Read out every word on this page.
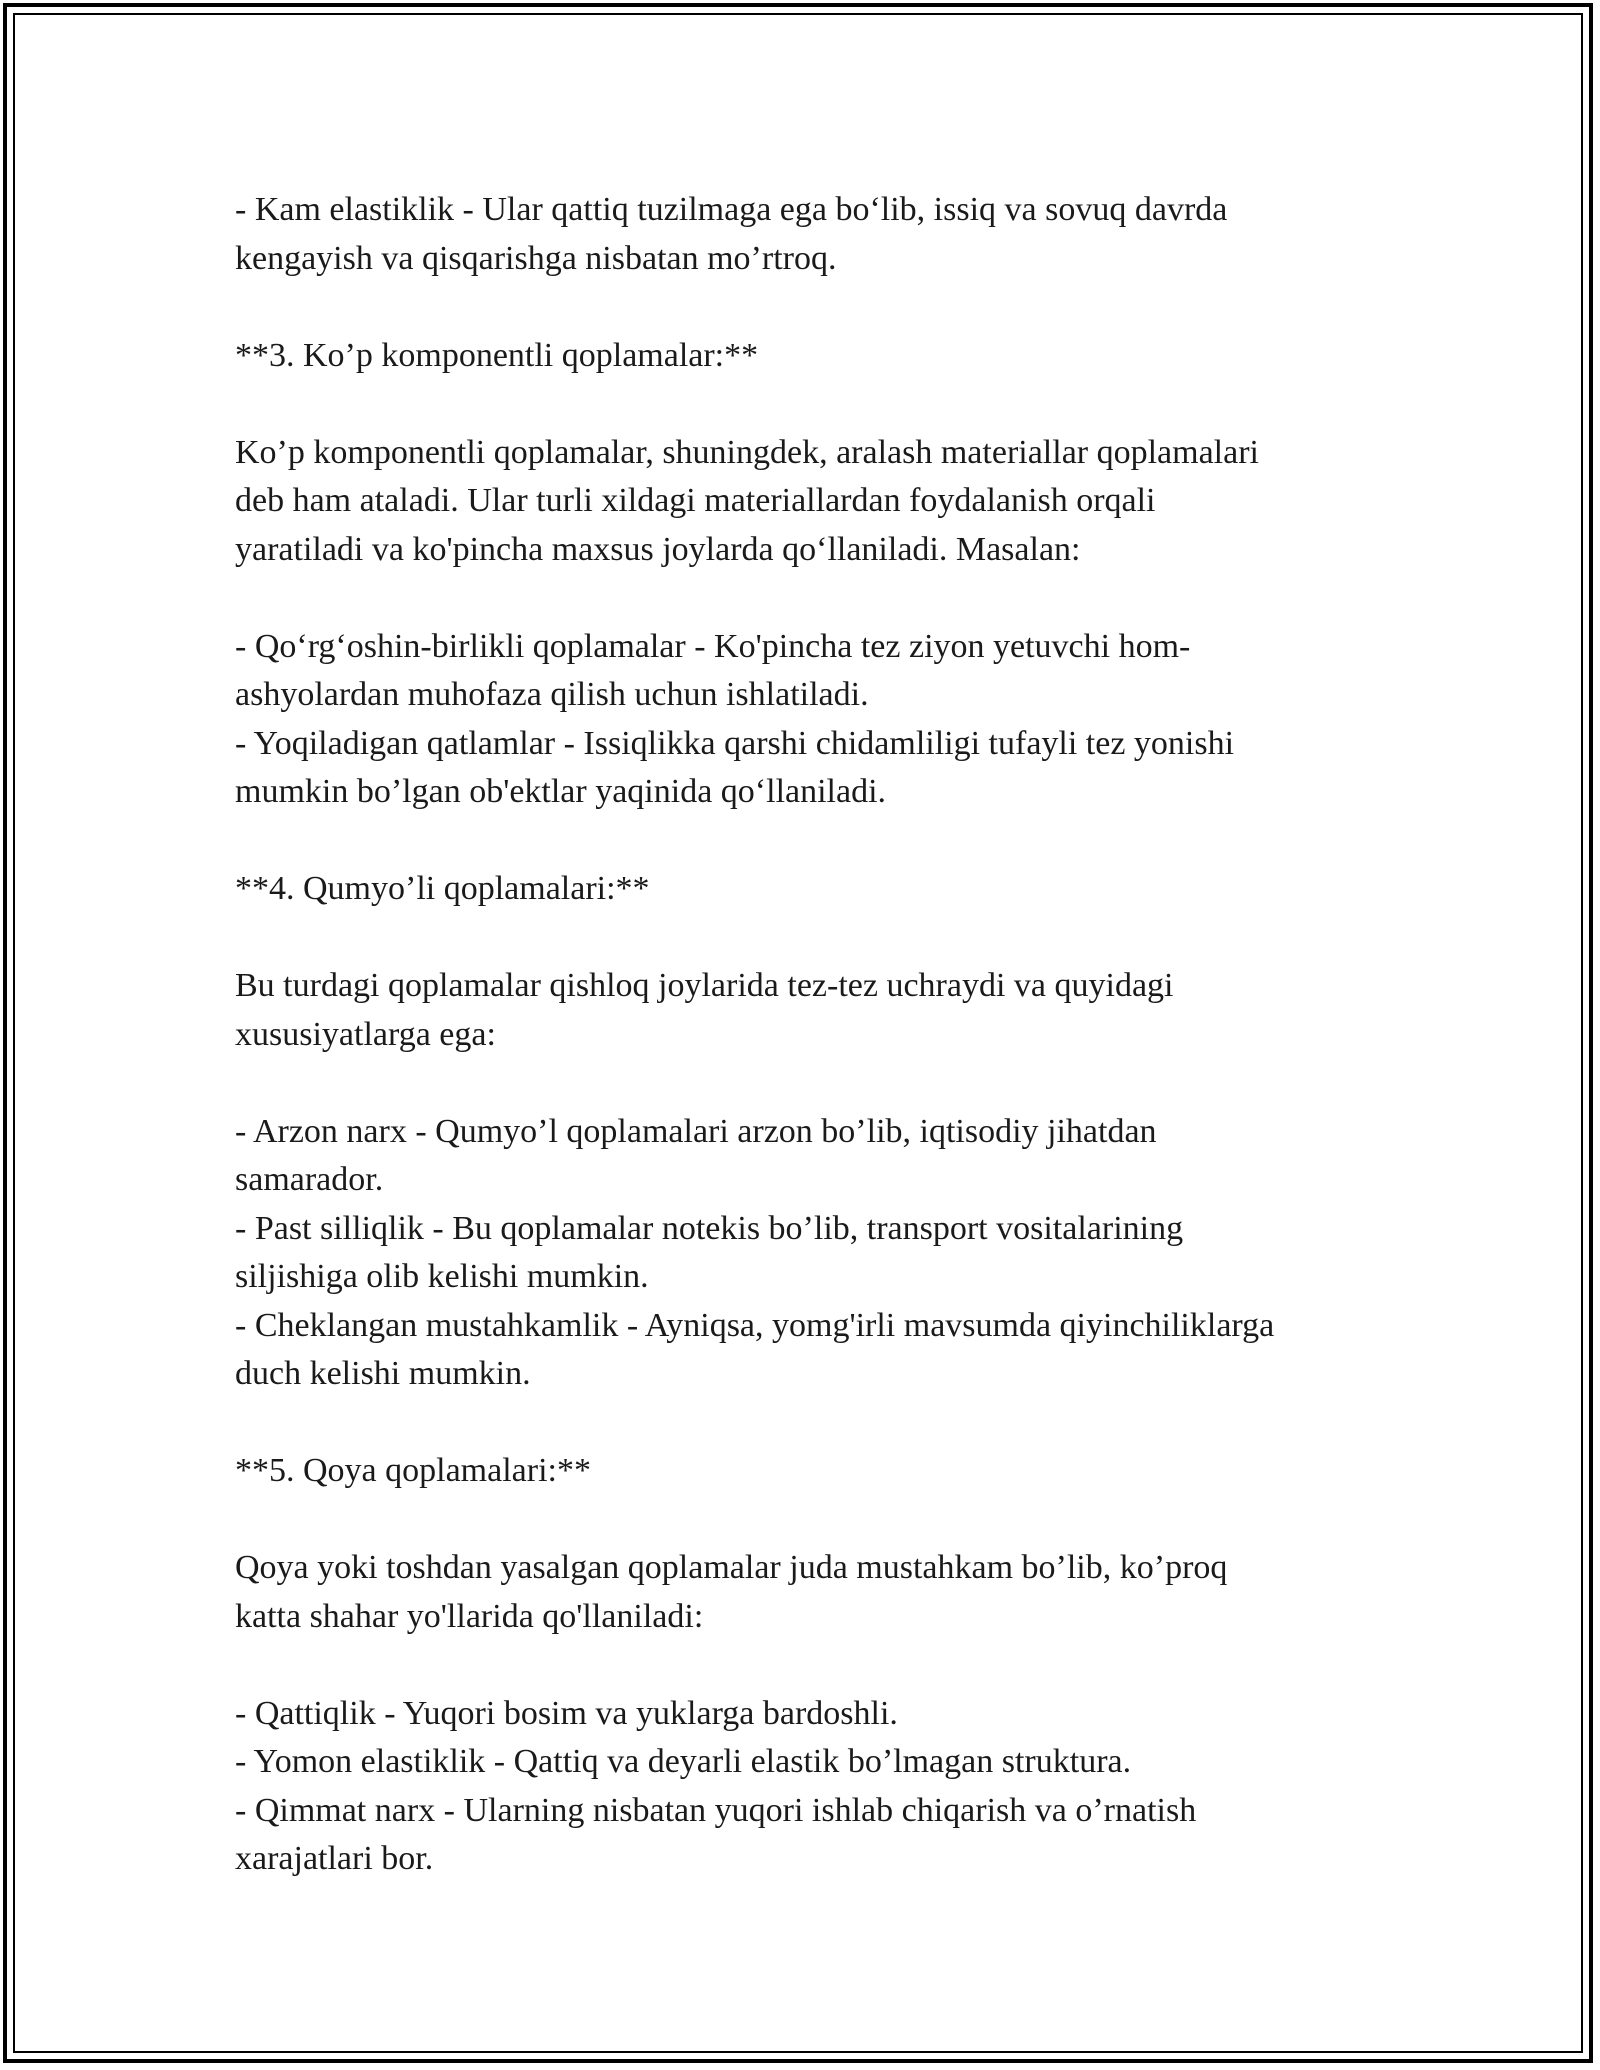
- Kam elastiklik - Ular qattiq tuzilmaga ega bo‘lib, issiq va sovuq davrda
kengayish va qisqarishga nisbatan mo’rtroq.

**3. Ko’p komponentli qoplamalar:**

Ko’p komponentli qoplamalar, shuningdek, aralash materiallar qoplamalari
deb ham ataladi. Ular turli xildagi materiallardan foydalanish orqali
yaratiladi va ko'pincha maxsus joylarda qo‘llaniladi. Masalan:

- Qo‘rg‘oshin-birlikli qoplamalar - Ko'pincha tez ziyon yetuvchi hom-
ashyolardan muhofaza qilish uchun ishlatiladi.
- Yoqiladigan qatlamlar - Issiqlikka qarshi chidamliligi tufayli tez yonishi
mumkin bo’lgan ob'ektlar yaqinida qo‘llaniladi.

**4. Qumyo’li qoplamalari:**

Bu turdagi qoplamalar qishloq joylarida tez-tez uchraydi va quyidagi
xususiyatlarga ega:

- Arzon narx - Qumyo’l qoplamalari arzon bo’lib, iqtisodiy jihatdan
samarador.
- Past silliqlik - Bu qoplamalar notekis bo’lib, transport vositalarining
siljishiga olib kelishi mumkin.
- Cheklangan mustahkamlik - Ayniqsa, yomg'irli mavsumda qiyinchiliklarga
duch kelishi mumkin.

**5. Qoya qoplamalari:**

Qoya yoki toshdan yasalgan qoplamalar juda mustahkam bo’lib, ko’proq
katta shahar yo'llarida qo'llaniladi:

- Qattiqlik - Yuqori bosim va yuklarga bardoshli.
- Yomon elastiklik - Qattiq va deyarli elastik bo’lmagan struktura.
- Qimmat narx - Ularning nisbatan yuqori ishlab chiqarish va o’rnatish
xarajatlari bor.
